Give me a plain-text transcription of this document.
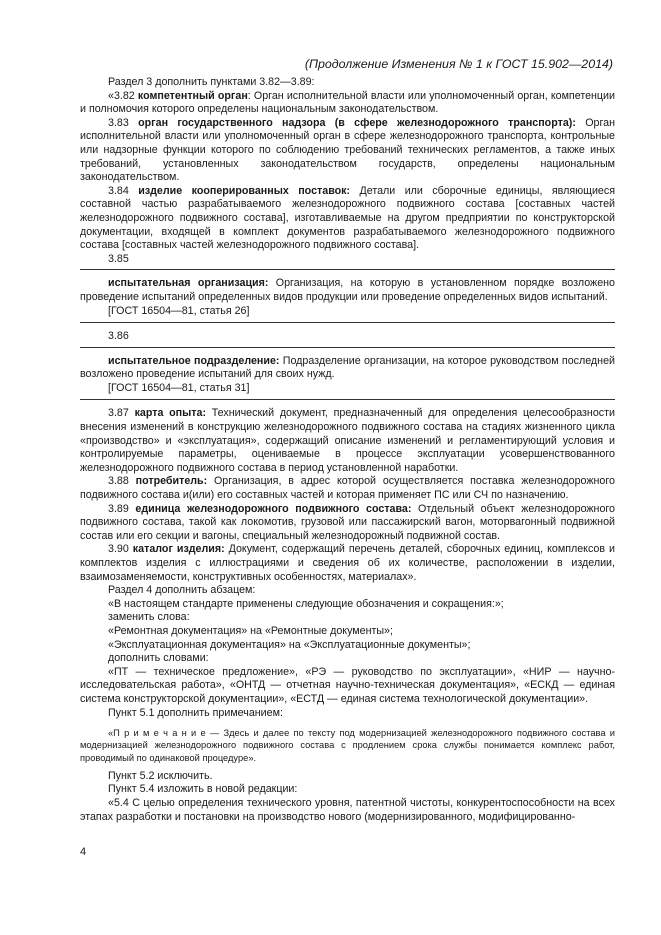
(Продолжение Изменения № 1 к ГОСТ 15.902—2014)

Раздел 3 дополнить пунктами 3.82—3.89:

«3.82 компетентный орган: Орган исполнительной власти или уполномоченный орган, компетенции и полномочия которого определены национальным законодательством.

3.83 орган государственного надзора (в сфере железнодорожного транспорта): Орган исполнительной власти или уполномоченный орган в сфере железнодорожного транспорта, контрольные или надзорные функции которого по соблюдению требований технических регламентов, а также иных требований, установленных законодательством государств, определены национальным законодательством.

3.84 изделие кооперированных поставок: Детали или сборочные единицы, являющиеся составной частью разрабатываемого железнодорожного подвижного состава [составных частей железнодорожного подвижного состава], изготавливаемые на другом предприятии по конструкторской документации, входящей в комплект документов разрабатываемого железнодорожного подвижного состава [составных частей железнодорожного подвижного состава].

3.85

испытательная организация: Организация, на которую в установленном порядке возложено проведение испытаний определенных видов продукции или проведение определенных видов испытаний.

[ГОСТ 16504—81, статья 26]

3.86

испытательное подразделение: Подразделение организации, на которое руководством последней возложено проведение испытаний для своих нужд.

[ГОСТ 16504—81, статья 31]

3.87 карта опыта: Технический документ, предназначенный для определения целесообразности внесения изменений в конструкцию железнодорожного подвижного состава на стадиях жизненного цикла «производство» и «эксплуатация», содержащий описание изменений и регламентирующий условия и контролируемые параметры, оцениваемые в процессе эксплуатации усовершенствованного железнодорожного подвижного состава в период установленной наработки.

3.88 потребитель: Организация, в адрес которой осуществляется поставка железнодорожного подвижного состава и(или) его составных частей и которая применяет ПС или СЧ по назначению.

3.89 единица железнодорожного подвижного состава: Отдельный объект железнодорожного подвижного состава, такой как локомотив, грузовой или пассажирский вагон, моторвагонный подвижной состав или его секции и вагоны, специальный железнодорожный подвижной состав.

3.90 каталог изделия: Документ, содержащий перечень деталей, сборочных единиц, комплексов и комплектов изделия с иллюстрациями и сведения об их количестве, расположении в изделии, взаимозаменяемости, конструктивных особенностях, материалах».

Раздел 4 дополнить абзацем:

«В настоящем стандарте применены следующие обозначения и сокращения:»;

заменить слова:

«Ремонтная документация» на «Ремонтные документы»;

«Эксплуатационная документация» на «Эксплуатационные документы»;

дополнить словами:

«ПТ — техническое предложение», «РЭ — руководство по эксплуатации», «НИР — научно-исследовательская работа», «ОНТД — отчетная научно-техническая документация», «ЕСКД — единая система конструкторской документации», «ЕСТД — единая система технологической документации».

Пункт 5.1 дополнить примечанием:

«П р и м е ч а н и е — Здесь и далее по тексту под модернизацией железнодорожного подвижного состава и модернизацией железнодорожного подвижного состава с продлением срока службы понимается комплекс работ, проводимый по одинаковой процедуре».

Пункт 5.2 исключить.

Пункт 5.4 изложить в новой редакции:

«5.4 С целью определения технического уровня, патентной чистоты, конкурентоспособности на всех этапах разработки и постановки на производство нового (модернизированного, модифицированно-

4
